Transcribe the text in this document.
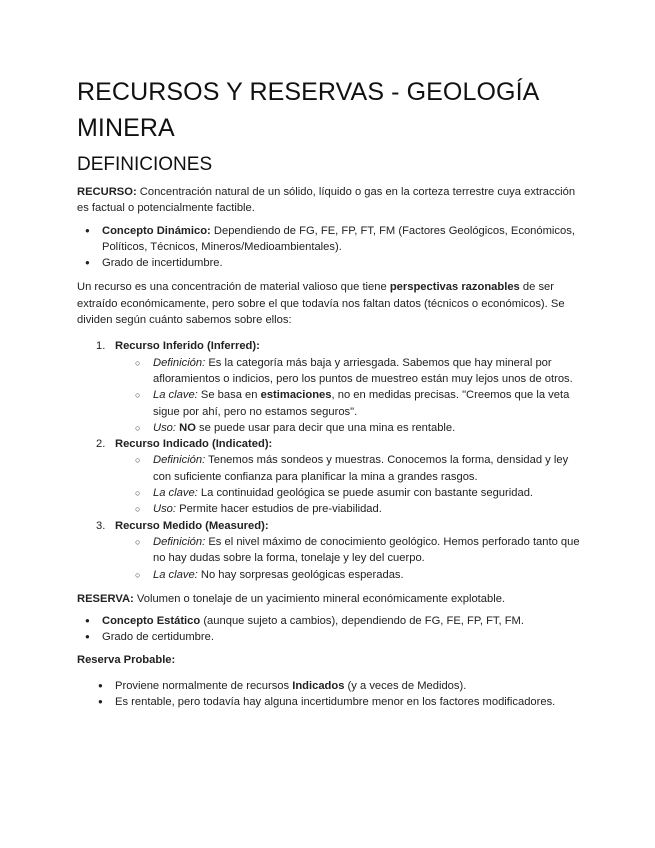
RECURSOS Y RESERVAS - GEOLOGÍA MINERA
DEFINICIONES

RECURSO: Concentración natural de un sólido, líquido o gas en la corteza terrestre cuya extracción es factual o potencialmente factible.

● Concepto Dinámico: Dependiendo de FG, FE, FP, FT, FM (Factores Geológicos, Económicos, Políticos, Técnicos, Mineros/Medioambientales).
● Grado de incertidumbre.

Un recurso es una concentración de material valioso que tiene perspectivas razonables de ser extraído económicamente, pero sobre el que todavía nos faltan datos (técnicos o económicos). Se dividen según cuánto sabemos sobre ellos:

1. Recurso Inferido (Inferred):
○ Definición: Es la categoría más baja y arriesgada. Sabemos que hay mineral por afloramientos o indicios, pero los puntos de muestreo están muy lejos unos de otros.
○ La clave: Se basa en estimaciones, no en medidas precisas. "Creemos que la veta sigue por ahí, pero no estamos seguros".
○ Uso: NO se puede usar para decir que una mina es rentable.
2. Recurso Indicado (Indicated):
○ Definición: Tenemos más sondeos y muestras. Conocemos la forma, densidad y ley con suficiente confianza para planificar la mina a grandes rasgos.
○ La clave: La continuidad geológica se puede asumir con bastante seguridad.
○ Uso: Permite hacer estudios de pre-viabilidad.
3. Recurso Medido (Measured):
○ Definición: Es el nivel máximo de conocimiento geológico. Hemos perforado tanto que no hay dudas sobre la forma, tonelaje y ley del cuerpo.
○ La clave: No hay sorpresas geológicas esperadas.

RESERVA: Volumen o tonelaje de un yacimiento mineral económicamente explotable.

● Concepto Estático (aunque sujeto a cambios), dependiendo de FG, FE, FP, FT, FM.
● Grado de certidumbre.

Reserva Probable:

● Proviene normalmente de recursos Indicados (y a veces de Medidos).
● Es rentable, pero todavía hay alguna incertidumbre menor en los factores modificadores.
